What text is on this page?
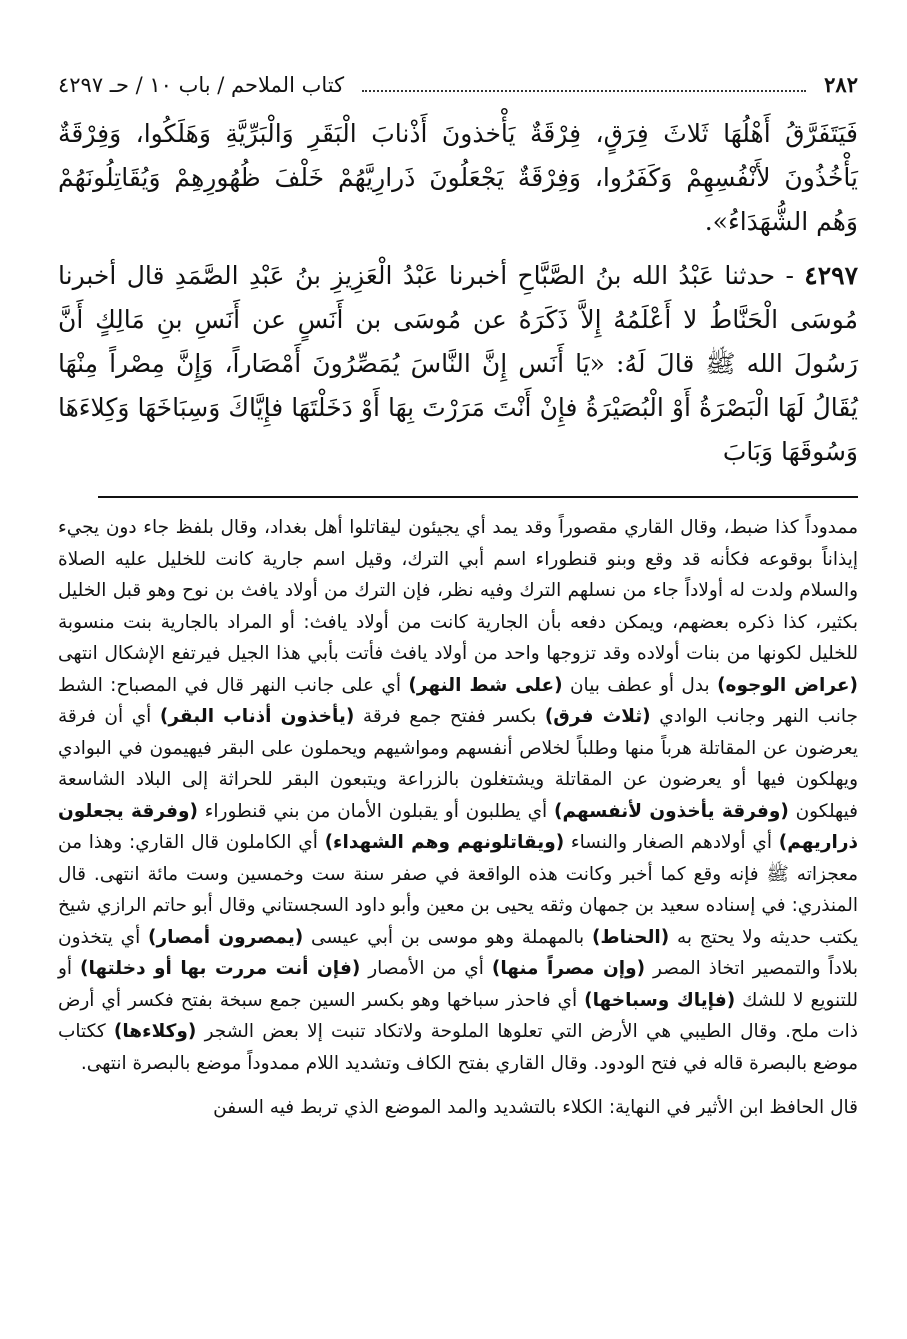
٢٨٢
كتاب الملاحم / باب ١٠ / حـ ٤٢٩٧

فَيَتَفَرَّقُ أَهْلُهَا ثَلاثَ فِرَقٍ، فِرْقَةٌ يَأْخذونَ أَذْنابَ الْبَقَرِ وَالْبَرِّيَّةِ وَهَلَكُوا، وَفِرْقَةٌ يَأْخُذُونَ لأَنْفُسِهِمْ وَكَفَرُوا، وَفِرْقَةٌ يَجْعَلُونَ ذَرارِيَّهُمْ خَلْفَ ظُهُورِهِمْ وَيُقَاتِلُونَهُمْ وَهُم الشُّهَدَاءُ».

٤٢٩٧ - حدثنا عَبْدُ الله بنُ الصَّبَّاحِ أخبرنا عَبْدُ الْعَزِيزِ بنُ عَبْدِ الصَّمَدِ قال أخبرنا مُوسَى الْحَنَّاطُ لا أَعْلَمُهُ إِلاَّ ذَكَرَهُ عن مُوسَى بن أَنَسٍ عن أَنَسِ بنِ مَالِكٍ أَنَّ رَسُولَ الله ﷺ قالَ لَهُ: «يَا أَنَس إِنَّ النَّاسَ يُمَصِّرُونَ أَمْصَاراً، وَإِنَّ مِصْراً مِنْهَا يُقَالُ لَهَا الْبَصْرَةُ أَوْ الْبُصَيْرَةُ فإِنْ أَنْتَ مَرَرْتَ بِهَا أَوْ دَخَلْتَهَا فإِيَّاكَ وَسِبَاخَهَا وَكِلاءَهَا وَسُوقَهَا وَبَابَ

ممدوداً كذا ضبط، وقال القاري مقصوراً وقد يمد أي يجيئون ليقاتلوا أهل بغداد، وقال بلفظ جاء دون يجيء إيذاناً بوقوعه فكأنه قد وقع وبنو قنطوراء اسم أبي الترك، وقيل اسم جارية كانت للخليل عليه الصلاة والسلام ولدت له أولاداً جاء من نسلهم الترك وفيه نظر، فإن الترك من أولاد يافث بن نوح وهو قبل الخليل بكثير، كذا ذكره بعضهم، ويمكن دفعه بأن الجارية كانت من أولاد يافث: أو المراد بالجارية بنت منسوبة للخليل لكونها من بنات أولاده وقد تزوجها واحد من أولاد يافث فأتت بأبي هذا الجيل فيرتفع الإشكال انتهى (عراض الوجوه) بدل أو عطف بيان (على شط النهر) أي على جانب النهر قال في المصباح: الشط جانب النهر وجانب الوادي (ثلاث فرق) بكسر ففتح جمع فرقة (يأخذون أذناب البقر) أي أن فرقة يعرضون عن المقاتلة هرباً منها وطلباً لخلاص أنفسهم ومواشيهم ويحملون على البقر فيهيمون في البوادي ويهلكون فيها أو يعرضون عن المقاتلة ويشتغلون بالزراعة ويتبعون البقر للحراثة إلى البلاد الشاسعة فيهلكون (وفرقة يأخذون لأنفسهم) أي يطلبون أو يقبلون الأمان من بني قنطوراء (وفرقة يجعلون ذراريهم) أي أولادهم الصغار والنساء (ويقاتلونهم وهم الشهداء) أي الكاملون قال القاري: وهذا من معجزاته ﷺ فإنه وقع كما أخبر وكانت هذه الواقعة في صفر سنة ست وخمسين وست مائة انتهى. قال المنذري: في إسناده سعيد بن جمهان وثقه يحيى بن معين وأبو داود السجستاني وقال أبو حاتم الرازي شيخ يكتب حديثه ولا يحتج به (الحناط) بالمهملة وهو موسى بن أبي عيسى (يمصرون أمصار) أي يتخذون بلاداً والتمصير اتخاذ المصر (وإن مصراً منها) أي من الأمصار (فإن أنت مررت بها أو دخلتها) أو للتنويع لا للشك (فإياك وسباخها) أي فاحذر سباخها وهو بكسر السين جمع سبخة بفتح فكسر أي أرض ذات ملح. وقال الطيبي هي الأرض التي تعلوها الملوحة ولاتكاد تنبت إلا بعض الشجر (وكلاءها) ككتاب موضع بالبصرة قاله في فتح الودود. وقال القاري بفتح الكاف وتشديد اللام ممدوداً موضع بالبصرة انتهى.

قال الحافظ ابن الأثير في النهاية: الكلاء بالتشديد والمد الموضع الذي تربط فيه السفن
